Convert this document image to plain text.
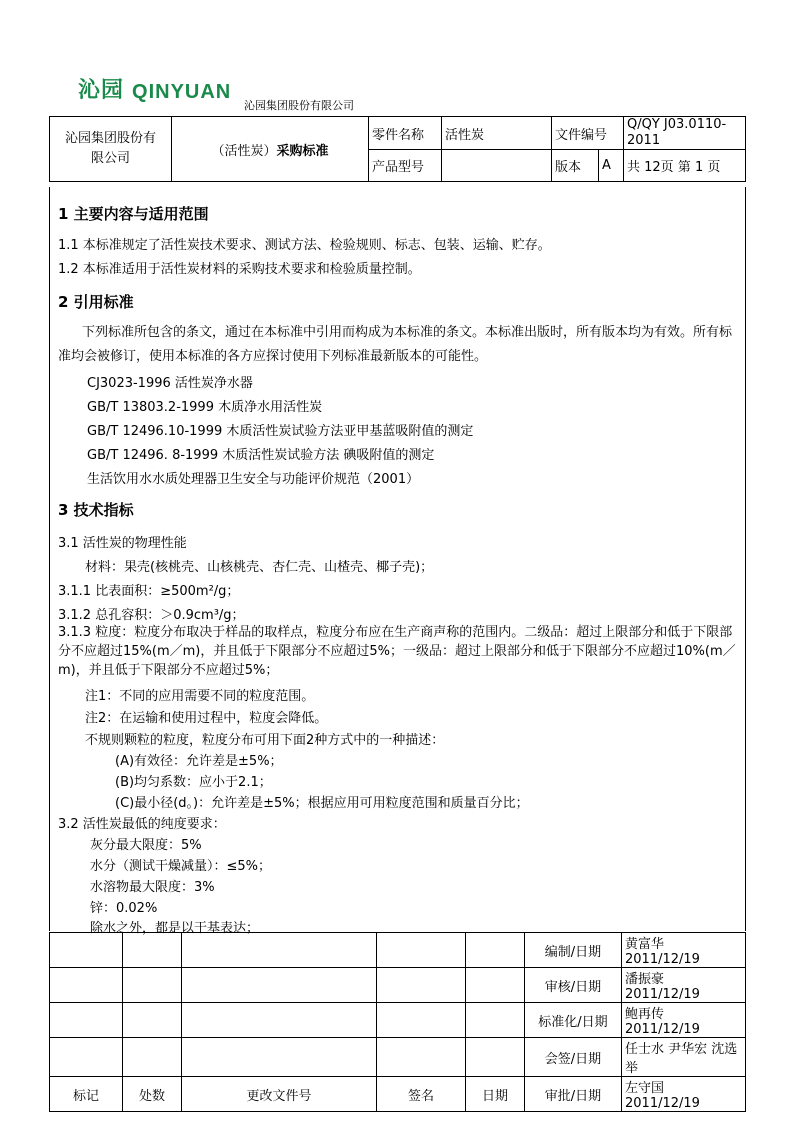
沁园 QINYUAN
沁园集团股份有限公司
沁园集团股份有限公司	（活性炭）采购标准	零件名称	活性炭	文件编号		Q/QY J03.0110-2011
		产品型号		版本	A	共 12页 第 1 页
1 主要内容与适用范围
1.1 本标准规定了活性炭技术要求、测试方法、检验规则、标志、包装、运输、贮存。
1.2 本标准适用于活性炭材料的采购技术要求和检验质量控制。
2 引用标准
下列标准所包含的条文，通过在本标准中引用而构成为本标准的条文。本标准出版时，所有版本均为有效。所有标准均会被修订，使用本标准的各方应探讨使用下列标准最新版本的可能性。
CJ3023-1996 活性炭净水器
GB/T 13803.2-1999 木质净水用活性炭
GB/T 12496.10-1999 木质活性炭试验方法亚甲基蓝吸附值的测定
GB/T 12496. 8-1999 木质活性炭试验方法 碘吸附值的测定
生活饮用水水质处理器卫生安全与功能评价规范（2001）
3 技术指标
3.1 活性炭的物理性能
材料：果壳(核桃壳、山核桃壳、杏仁壳、山楂壳、椰子壳)；
3.1.1 比表面积：≥500m²/g；
3.1.2 总孔容积：＞0.9cm³/g；
3.1.3 粒度：粒度分布取决于样品的取样点，粒度分布应在生产商声称的范围内。二级品：超过上限部分和低于下限部分不应超过15%(m／m)，并且低于下限部分不应超过5%；一级品：超过上限部分和低于下限部分不应超过10%(m／m)，并且低于下限部分不应超过5%；
注1：不同的应用需要不同的粒度范围。
注2：在运输和使用过程中，粒度会降低。
不规则颗粒的粒度，粒度分布可用下面2种方式中的一种描述：
(A)有效径：允许差是±5%；
(B)均匀系数：应小于2.1；
(C)最小径(d。)：允许差是±5%；根据应用可用粒度范围和质量百分比；
3.2 活性炭最低的纯度要求：
灰分最大限度：5%
水分（测试干燥减量）：≤5%；
水溶物最大限度：3%
锌：0.02%
除水之外，都是以干基表达；
					编制/日期	黄富华 2011/12/19
					审核/日期	潘振豪 2011/12/19
					标准化/日期	鲍再传 2011/12/19
					会签/日期	任士水 尹华宏 沈选举
标记	处数	更改文件号	签名	日期	审批/日期	左守国 2011/12/19
